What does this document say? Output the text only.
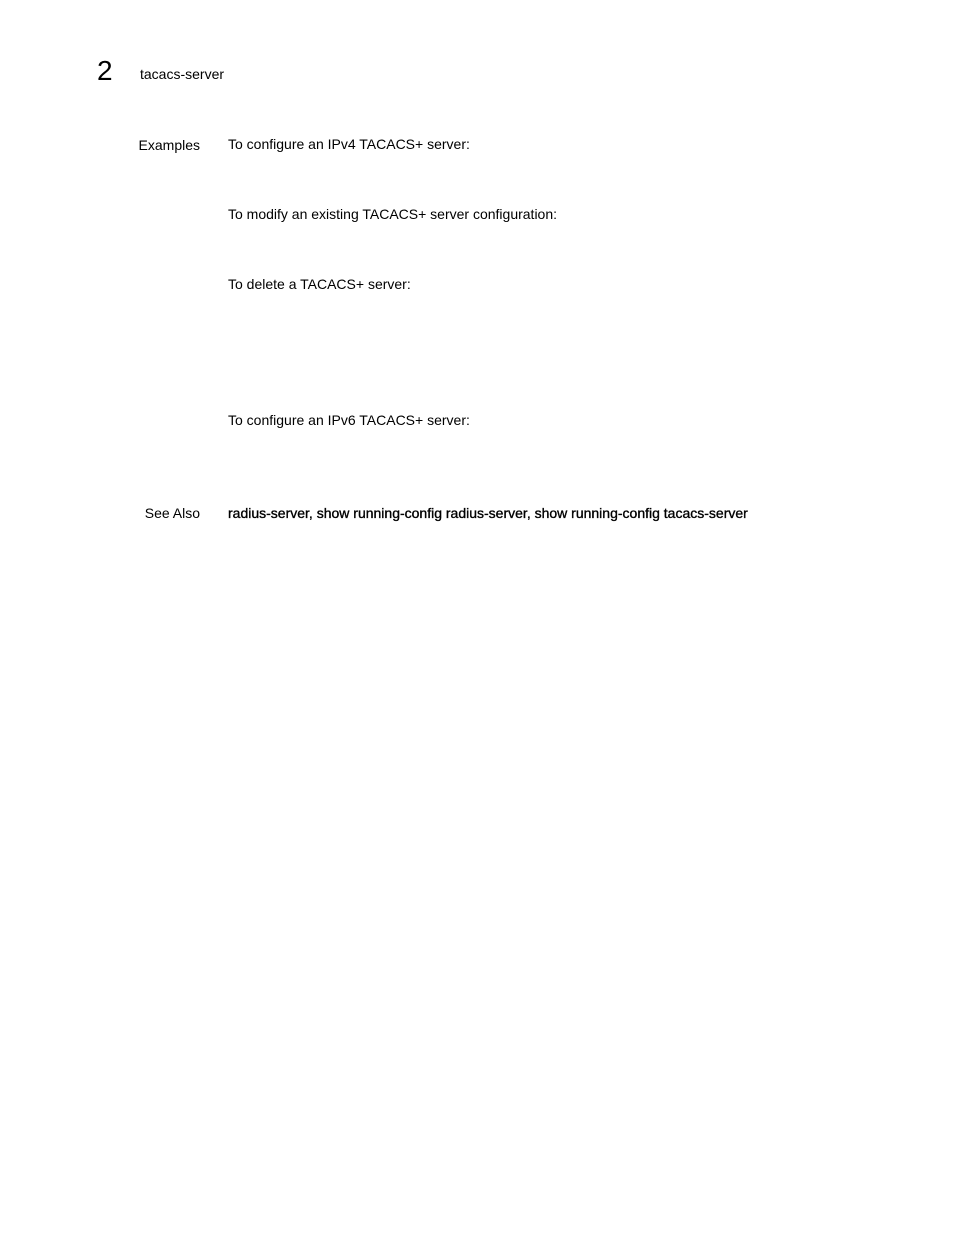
2 tacacs-server
Examples To configure an IPv4 TACACS+ server:
To modify an existing TACACS+ server configuration:
To delete a TACACS+ server:
To configure an IPv6 TACACS+ server:
See Also radius-server, show running-config radius-server, show running-config tacacs-server
